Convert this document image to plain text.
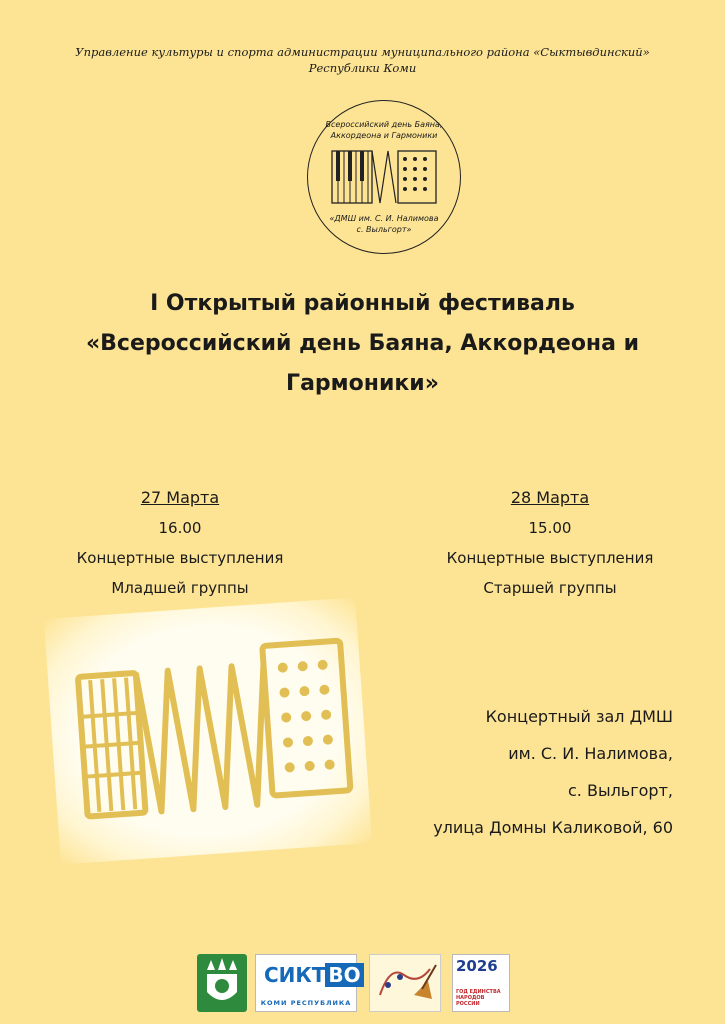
Управление культуры и спорта администрации муниципального района «Сыктывдинский»
Республики Коми
Всероссийский день Баяна,
Аккордеона и Гармоники
«ДМШ им. С. И. Налимова
с. Выльгорт»
I Открытый районный фестиваль
«Всероссийский день Баяна, Аккордеона и
Гармоники»
27 Марта
16.00
Концертные выступления
Младшей группы
28 Марта
15.00
Концертные выступления
Старшей группы
Концертный зал ДМШ
им. С. И. Налимова,
с. Выльгорт,
улица Домны Каликовой, 60
СИКТ ВО
КОМИ РЕСПУБЛИКА
2026
ГОД ЕДИНСТВА НАРОДОВ РОССИИ
